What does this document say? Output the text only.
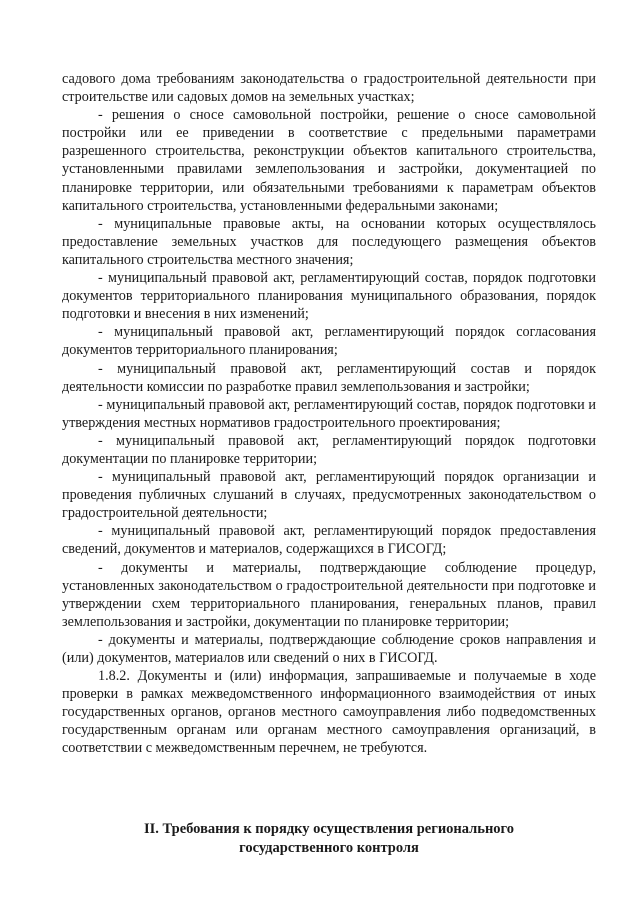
садового дома требованиям законодательства о градостроительной деятельности при строительстве или садовых домов на земельных участках;

- решения о сносе самовольной постройки, решение о сносе самовольной постройки или ее приведении в соответствие с предельными параметрами разрешенного строительства, реконструкции объектов капитального строительства, установленными правилами землепользования и застройки, документацией по планировке территории, или обязательными требованиями к параметрам объектов капитального строительства, установленными федеральными законами;

- муниципальные правовые акты, на основании которых осуществлялось предоставление земельных участков для последующего размещения объектов капитального строительства местного значения;

- муниципальный правовой акт, регламентирующий состав, порядок подготовки документов территориального планирования муниципального образования, порядок подготовки и внесения в них изменений;

- муниципальный правовой акт, регламентирующий порядок согласования документов территориального планирования;

- муниципальный правовой акт, регламентирующий состав и порядок деятельности комиссии по разработке правил землепользования и застройки;

- муниципальный правовой акт, регламентирующий состав, порядок подготовки и утверждения местных нормативов градостроительного проектирования;

- муниципальный правовой акт, регламентирующий порядок подготовки документации по планировке территории;

- муниципальный правовой акт, регламентирующий порядок организации и проведения публичных слушаний в случаях, предусмотренных законодательством о градостроительной деятельности;

- муниципальный правовой акт, регламентирующий порядок предоставления сведений, документов и материалов, содержащихся в ГИСОГД;

- документы и материалы, подтверждающие соблюдение процедур, установленных законодательством о градостроительной деятельности при подготовке и утверждении схем территориального планирования, генеральных планов, правил землепользования и застройки, документации по планировке территории;

- документы и материалы, подтверждающие соблюдение сроков направления и (или) документов, материалов или сведений о них в ГИСОГД.

1.8.2. Документы и (или) информация, запрашиваемые и получаемые в ходе проверки в рамках межведомственного информационного взаимодействия от иных государственных органов, органов местного самоуправления либо подведомственных государственным органам или органам местного самоуправления организаций, в соответствии с межведомственным перечнем, не требуются.

II. Требования к порядку осуществления регионального
государственного контроля
